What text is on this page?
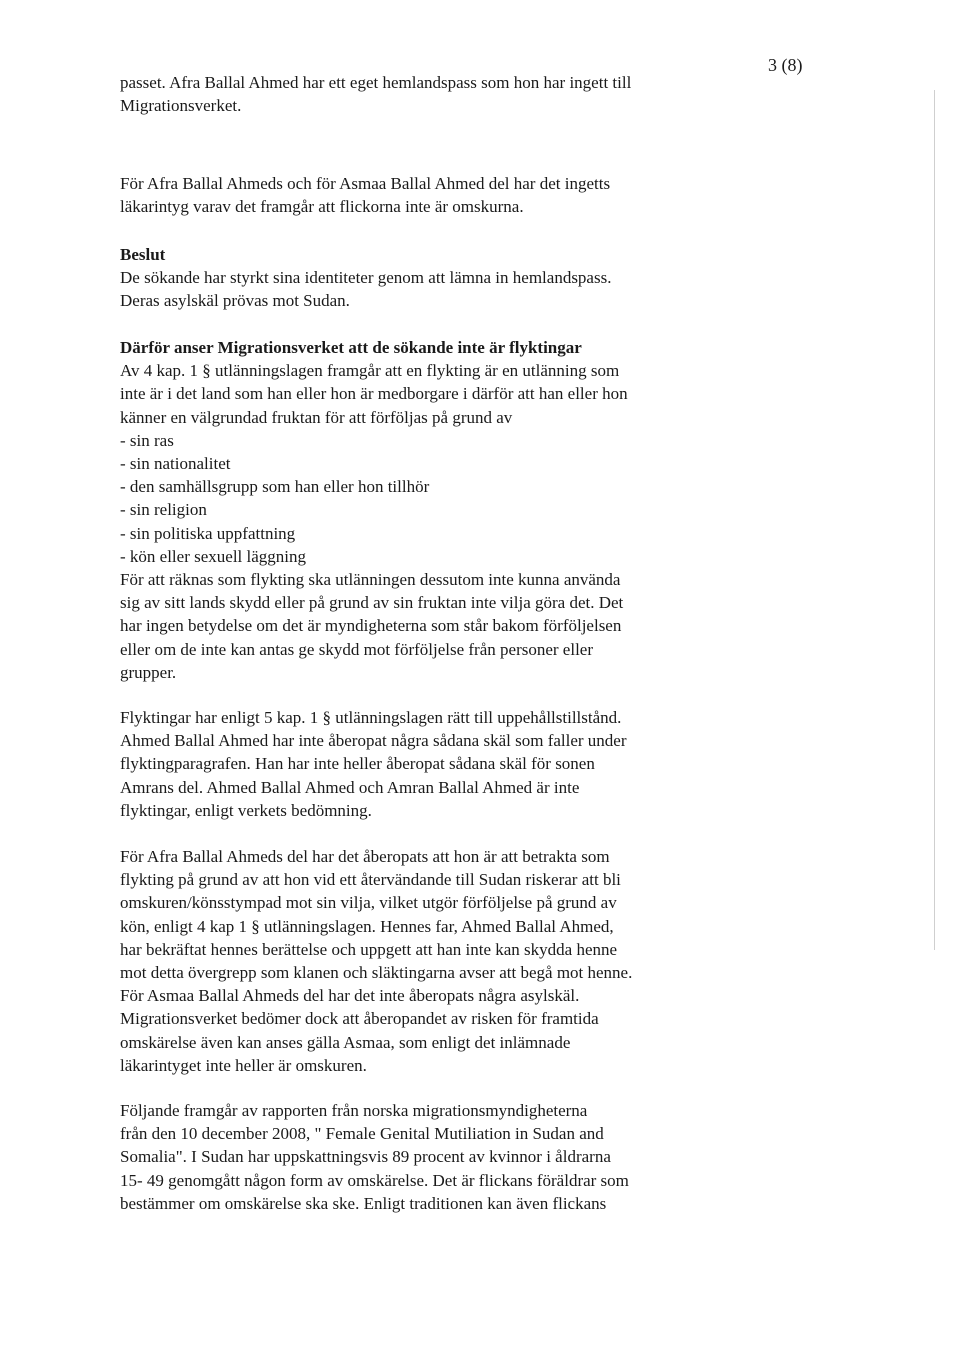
3 (8)
passet. Afra Ballal Ahmed har ett eget hemlandspass som hon har ingett till
Migrationsverket.
För Afra Ballal Ahmeds och för Asmaa Ballal Ahmed del har det ingetts
läkarintyg varav det framgår att flickorna inte är omskurna.
Beslut
De sökande har styrkt sina identiteter genom att lämna in hemlandspass.
Deras asylskäl prövas mot Sudan.
Därför anser Migrationsverket att de sökande inte är flyktingar
Av 4 kap. 1 § utlänningslagen framgår att en flykting är en utlänning som
inte är i det land som han eller hon är medborgare i därför att han eller hon
känner en välgrundad fruktan för att förföljas på grund av
- sin ras
- sin nationalitet
- den samhällsgrupp som han eller hon tillhör
- sin religion
- sin politiska uppfattning
- kön eller sexuell läggning
För att räknas som flykting ska utlänningen dessutom inte kunna använda
sig av sitt lands skydd eller på grund av sin fruktan inte vilja göra det. Det
har ingen betydelse om det är myndigheterna som står bakom förföljelsen
eller om de inte kan antas ge skydd mot förföljelse från personer eller
grupper.
Flyktingar har enligt 5 kap. 1 § utlänningslagen rätt till uppehållstillstånd.
Ahmed Ballal Ahmed har inte åberopat några sådana skäl som faller under
flyktingparagrafen. Han har inte heller åberopat sådana skäl för sonen
Amrans del. Ahmed Ballal Ahmed och Amran Ballal Ahmed är inte
flyktingar, enligt verkets bedömning.
För Afra Ballal Ahmeds del har det åberopats att hon är att betrakta som
flykting på grund av att hon vid ett återvändande till Sudan riskerar att bli
omskuren/könsstympad mot sin vilja, vilket utgör förföljelse på grund av
kön, enligt 4 kap 1 § utlänningslagen. Hennes far, Ahmed Ballal Ahmed,
har bekräftat hennes berättelse och uppgett att han inte kan skydda henne
mot detta övergrepp som klanen och släktingarna avser att begå mot henne.
För Asmaa Ballal Ahmeds del har det inte åberopats några asylskäl.
Migrationsverket bedömer dock att åberopandet av risken för framtida
omskärelse även kan anses gälla Asmaa, som enligt det inlämnade
läkarintyget inte heller är omskuren.
Följande framgår av rapporten från norska migrationsmyndigheterna
från den 10 december 2008, " Female Genital Mutiliation in Sudan and
Somalia". I Sudan har uppskattningsvis 89 procent av kvinnor i åldrarna
15- 49 genomgått någon form av omskärelse. Det är flickans föräldrar som
bestämmer om omskärelse ska ske. Enligt traditionen kan även flickans
